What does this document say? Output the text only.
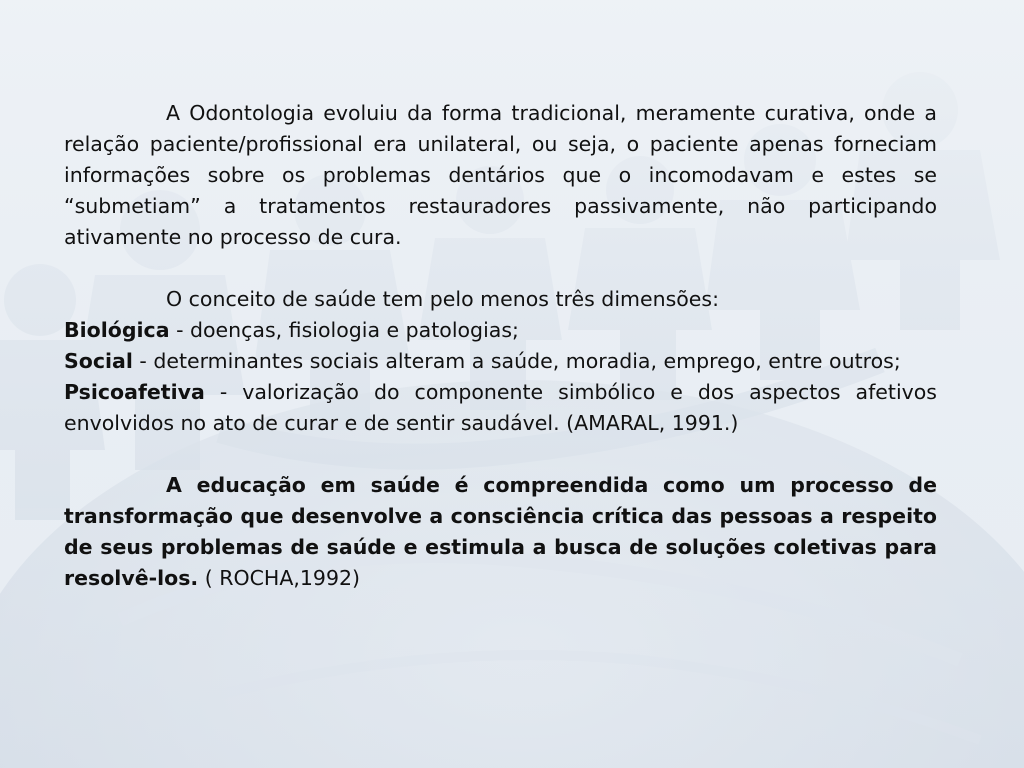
A Odontologia evoluiu da forma tradicional, meramente curativa, onde a relação paciente/profissional era unilateral, ou seja, o paciente apenas forneciam informações sobre os problemas dentários que o incomodavam e estes se “submetiam” a tratamentos restauradores passivamente, não participando ativamente no processo de cura.

O conceito de saúde tem pelo menos três dimensões:

Biológica - doenças, fisiologia e patologias;

Social - determinantes sociais alteram a saúde, moradia, emprego, entre outros;

Psicoafetiva - valorização do componente simbólico e dos aspectos afetivos envolvidos no ato de curar e de sentir saudável. (AMARAL, 1991.)

A educação em saúde é compreendida como um processo de transformação que desenvolve a consciência crítica das pessoas a respeito de seus problemas de saúde e estimula a busca de soluções coletivas para resolvê-los. ( ROCHA,1992)
